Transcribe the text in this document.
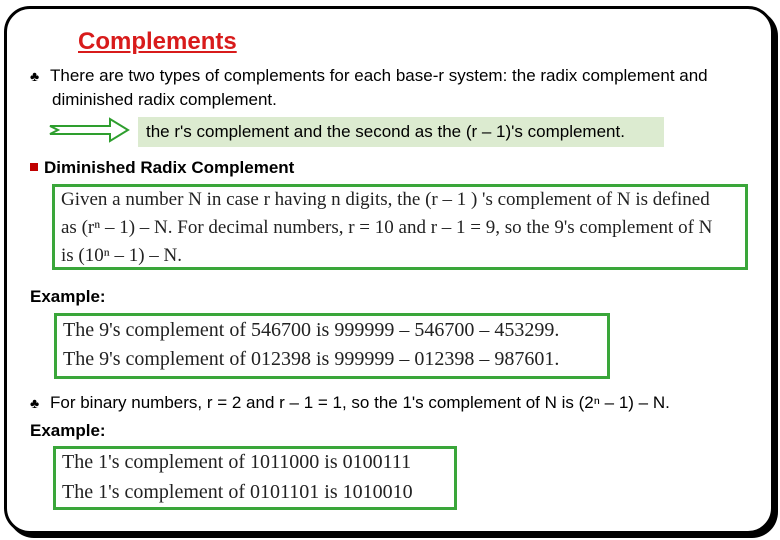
Complements
♣ There are two types of complements for each base-r system: the radix complement and
diminished radix complement.
the r's complement and the second as the (r – 1)'s complement.
Diminished Radix Complement
Given a number N in case r having n digits, the (r – 1 ) 's complement of N is defined
as (rⁿ – 1) – N. For decimal numbers, r = 10 and r – 1 = 9, so the 9's complement of N
is (10ⁿ – 1) – N.
Example:
The 9's complement of 546700 is 999999 – 546700 – 453299.
The 9's complement of 012398 is 999999 – 012398 – 987601.
♣ For binary numbers, r = 2 and r – 1 = 1, so the 1's complement of N is (2ⁿ – 1) – N.
Example:
The 1's complement of 1011000 is 0100111
The 1's complement of 0101101 is 1010010
